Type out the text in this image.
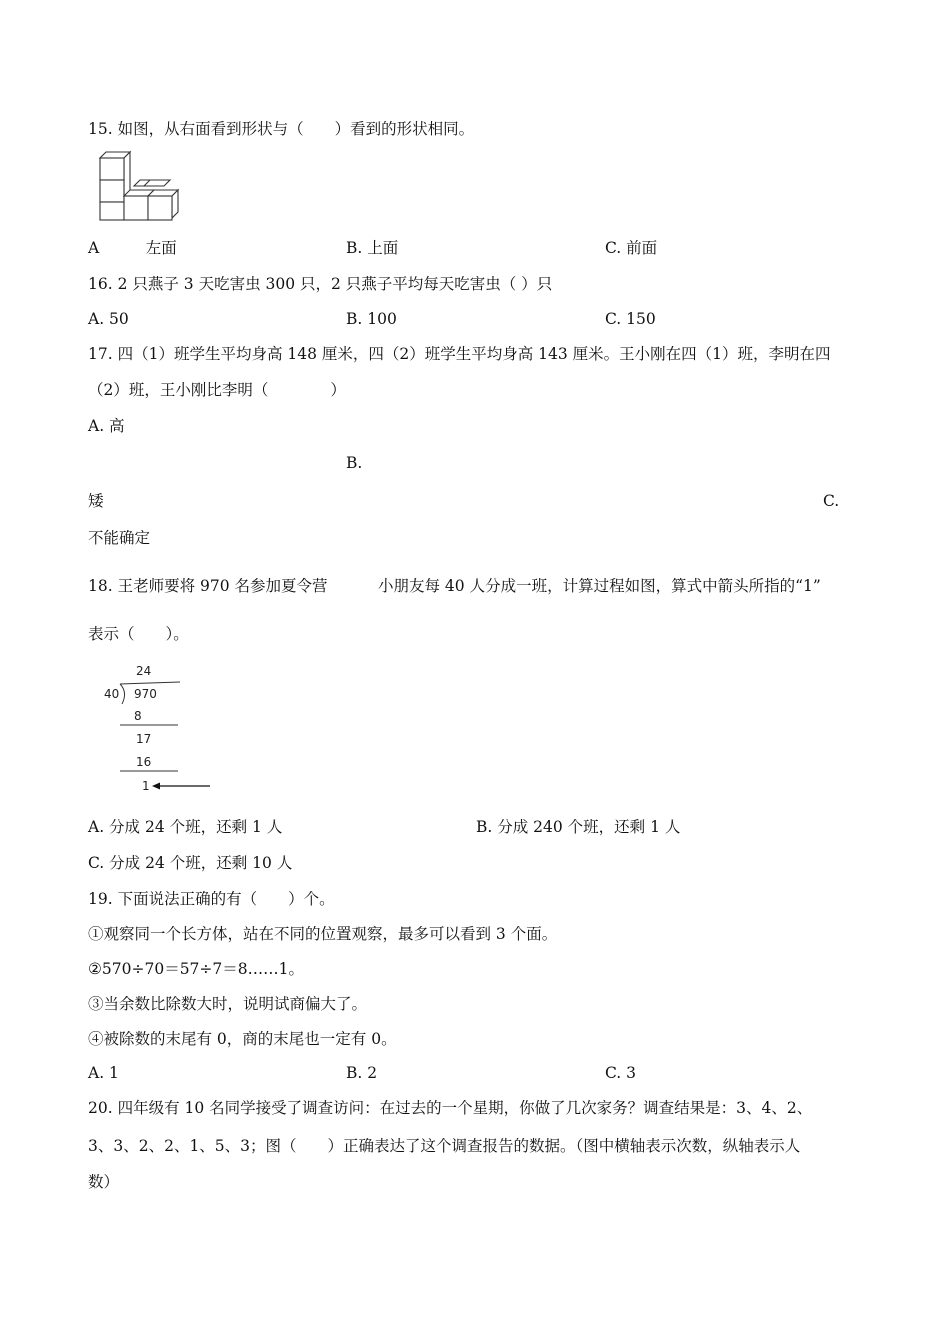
15. 如图，从右面看到形状与（　　）看到的形状相同。
A　　　左面	B. 上面	C. 前面
16. 2 只燕子 3 天吃害虫 300 只，2 只燕子平均每天吃害虫（ ）只
A. 50	B. 100	C. 150
17. 四（1）班学生平均身高 148 厘米，四（2）班学生平均身高 143 厘米。王小刚在四（1）班，李明在四
（2）班，王小刚比李明（　　　　）
A. 高
B.
矮	C.
不能确定
18. 王老师要将 970 名参加夏令营	小朋友每 40 人分成一班，计算过程如图，算式中箭头所指的“1”
表示（　　）。
24
40 970
8
17
16
1
A. 分成 24 个班，还剩 1 人	B. 分成 240 个班，还剩 1 人
C. 分成 24 个班，还剩 10 人
19. 下面说法正确的有（　　）个。
①观察同一个长方体，站在不同的位置观察，最多可以看到 3 个面。
②570÷70＝57÷7＝8……1。
③当余数比除数大时，说明试商偏大了。
④被除数的末尾有 0，商的末尾也一定有 0。
A. 1	B. 2	C. 3
20. 四年级有 10 名同学接受了调查访问：在过去的一个星期，你做了几次家务？调查结果是：3、4、2、
3、3、2、2、1、5、3；图（　　）正确表达了这个调查报告的数据。（图中横轴表示次数，纵轴表示人
数）
